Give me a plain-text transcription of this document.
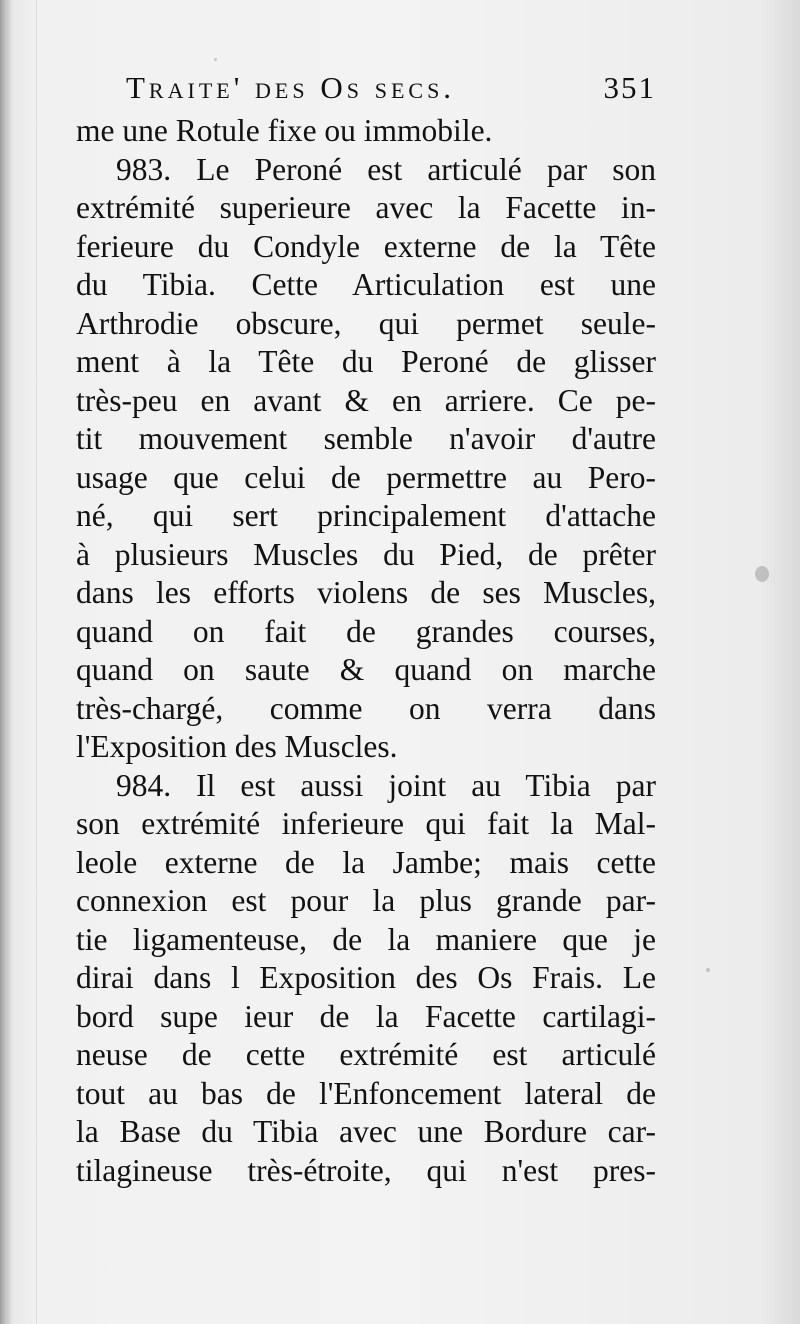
Traite' des Os secs.	351
me une Rotule fixe ou immobile.
983. Le Peroné est articulé par son
extrémité superieure avec la Facette in-
ferieure du Condyle externe de la Tête
du Tibia. Cette Articulation est une
Arthrodie obscure, qui permet seule-
ment à la Tête du Peroné de glisser
très-peu en avant & en arriere. Ce pe-
tit mouvement semble n'avoir d'autre
usage que celui de permettre au Pero-
né, qui sert principalement d'attache
à plusieurs Muscles du Pied, de prêter
dans les efforts violens de ses Muscles,
quand on fait de grandes courses,
quand on saute & quand on marche
très-chargé, comme on verra dans
l'Exposition des Muscles.
984. Il est aussi joint au Tibia par
son extrémité inferieure qui fait la Mal-
leole externe de la Jambe; mais cette
connexion est pour la plus grande par-
tie ligamenteuse, de la maniere que je
dirai dans l Exposition des Os Frais. Le
bord supe ieur de la Facette cartilagi-
neuse de cette extrémité est articulé
tout au bas de l'Enfoncement lateral de
la Base du Tibia avec une Bordure car-
tilagineuse très-étroite, qui n'est pres-
